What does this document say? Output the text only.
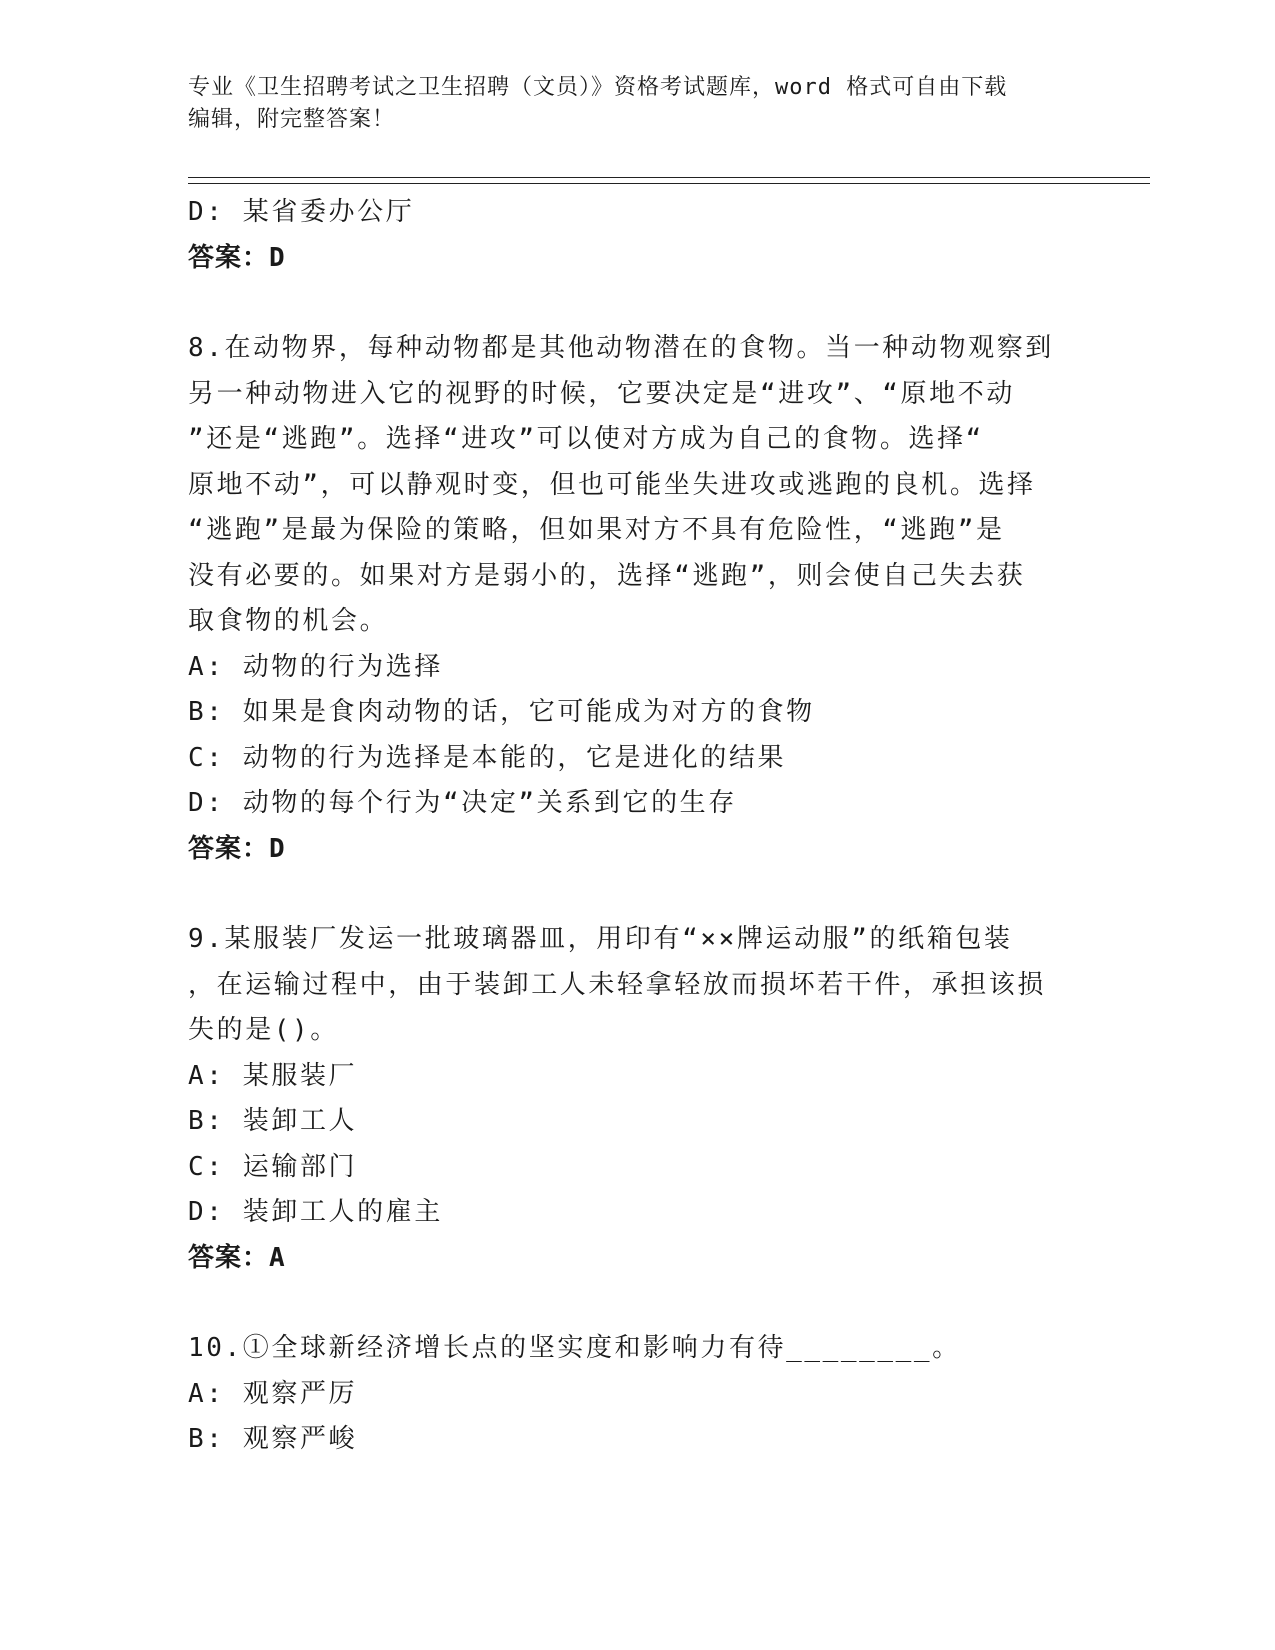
专业《卫生招聘考试之卫生招聘（文员）》资格考试题库，word 格式可自由下载
编辑，附完整答案！
D: 某省委办公厅
答案：D
8.在动物界，每种动物都是其他动物潜在的食物。当一种动物观察到
另一种动物进入它的视野的时候，它要决定是“进攻”、“原地不动
”还是“逃跑”。选择“进攻”可以使对方成为自己的食物。选择“
原地不动”，可以静观时变，但也可能坐失进攻或逃跑的良机。选择
“逃跑”是最为保险的策略，但如果对方不具有危险性，“逃跑”是
没有必要的。如果对方是弱小的，选择“逃跑”，则会使自己失去获
取食物的机会。
A: 动物的行为选择
B: 如果是食肉动物的话，它可能成为对方的食物
C: 动物的行为选择是本能的，它是进化的结果
D: 动物的每个行为“决定”关系到它的生存
答案：D
9.某服装厂发运一批玻璃器皿，用印有“××牌运动服”的纸箱包装
，在运输过程中，由于装卸工人未轻拿轻放而损坏若干件，承担该损
失的是()。
A: 某服装厂
B: 装卸工人
C: 运输部门
D: 装卸工人的雇主
答案：A
10.①全球新经济增长点的坚实度和影响力有待________。
A: 观察严厉
B: 观察严峻
